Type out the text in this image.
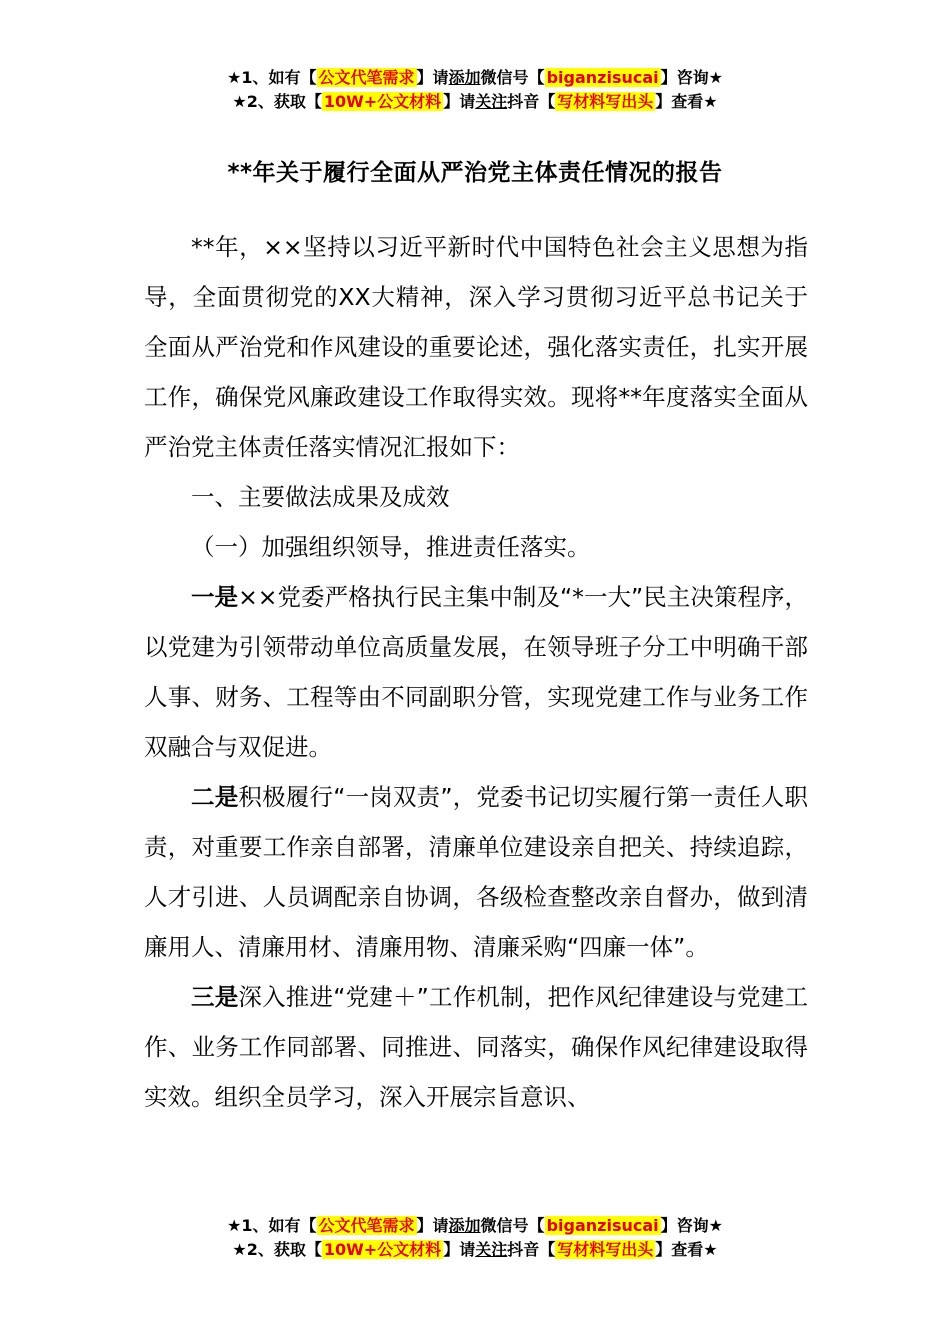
★1、如有【 公文代笔需求 】请添加微信号【 biganzisucai 】咨询★
★2、获取【 10W+公文材料 】请关注抖音【 写材料写出头 】查看★
**年关于履行全面从严治党主体责任情况的报告

**年，××坚持以习近平新时代中国特色社会主义思想为指导，全面贯彻党的XX大精神，深入学习贯彻习近平总书记关于全面从严治党和作风建设的重要论述，强化落实责任，扎实开展工作，确保党风廉政建设工作取得实效。现将**年度落实全面从严治党主体责任落实情况汇报如下：

一、主要做法成果及成效

（一）加强组织领导，推进责任落实。

一是××党委严格执行民主集中制及“*一大”民主决策程序，以党建为引领带动单位高质量发展，在领导班子分工中明确干部人事、财务、工程等由不同副职分管，实现党建工作与业务工作双融合与双促进。

二是积极履行“一岗双责”，党委书记切实履行第一责任人职责，对重要工作亲自部署，清廉单位建设亲自把关、持续追踪，人才引进、人员调配亲自协调，各级检查整改亲自督办，做到清廉用人、清廉用材、清廉用物、清廉采购“四廉一体”。

三是深入推进“党建＋”工作机制，把作风纪律建设与党建工作、业务工作同部署、同推进、同落实，确保作风纪律建设取得实效。组织全员学习，深入开展宗旨意识、

★1、如有【 公文代笔需求 】请添加微信号【 biganzisucai 】咨询★
★2、获取【 10W+公文材料 】请关注抖音【 写材料写出头 】查看★
